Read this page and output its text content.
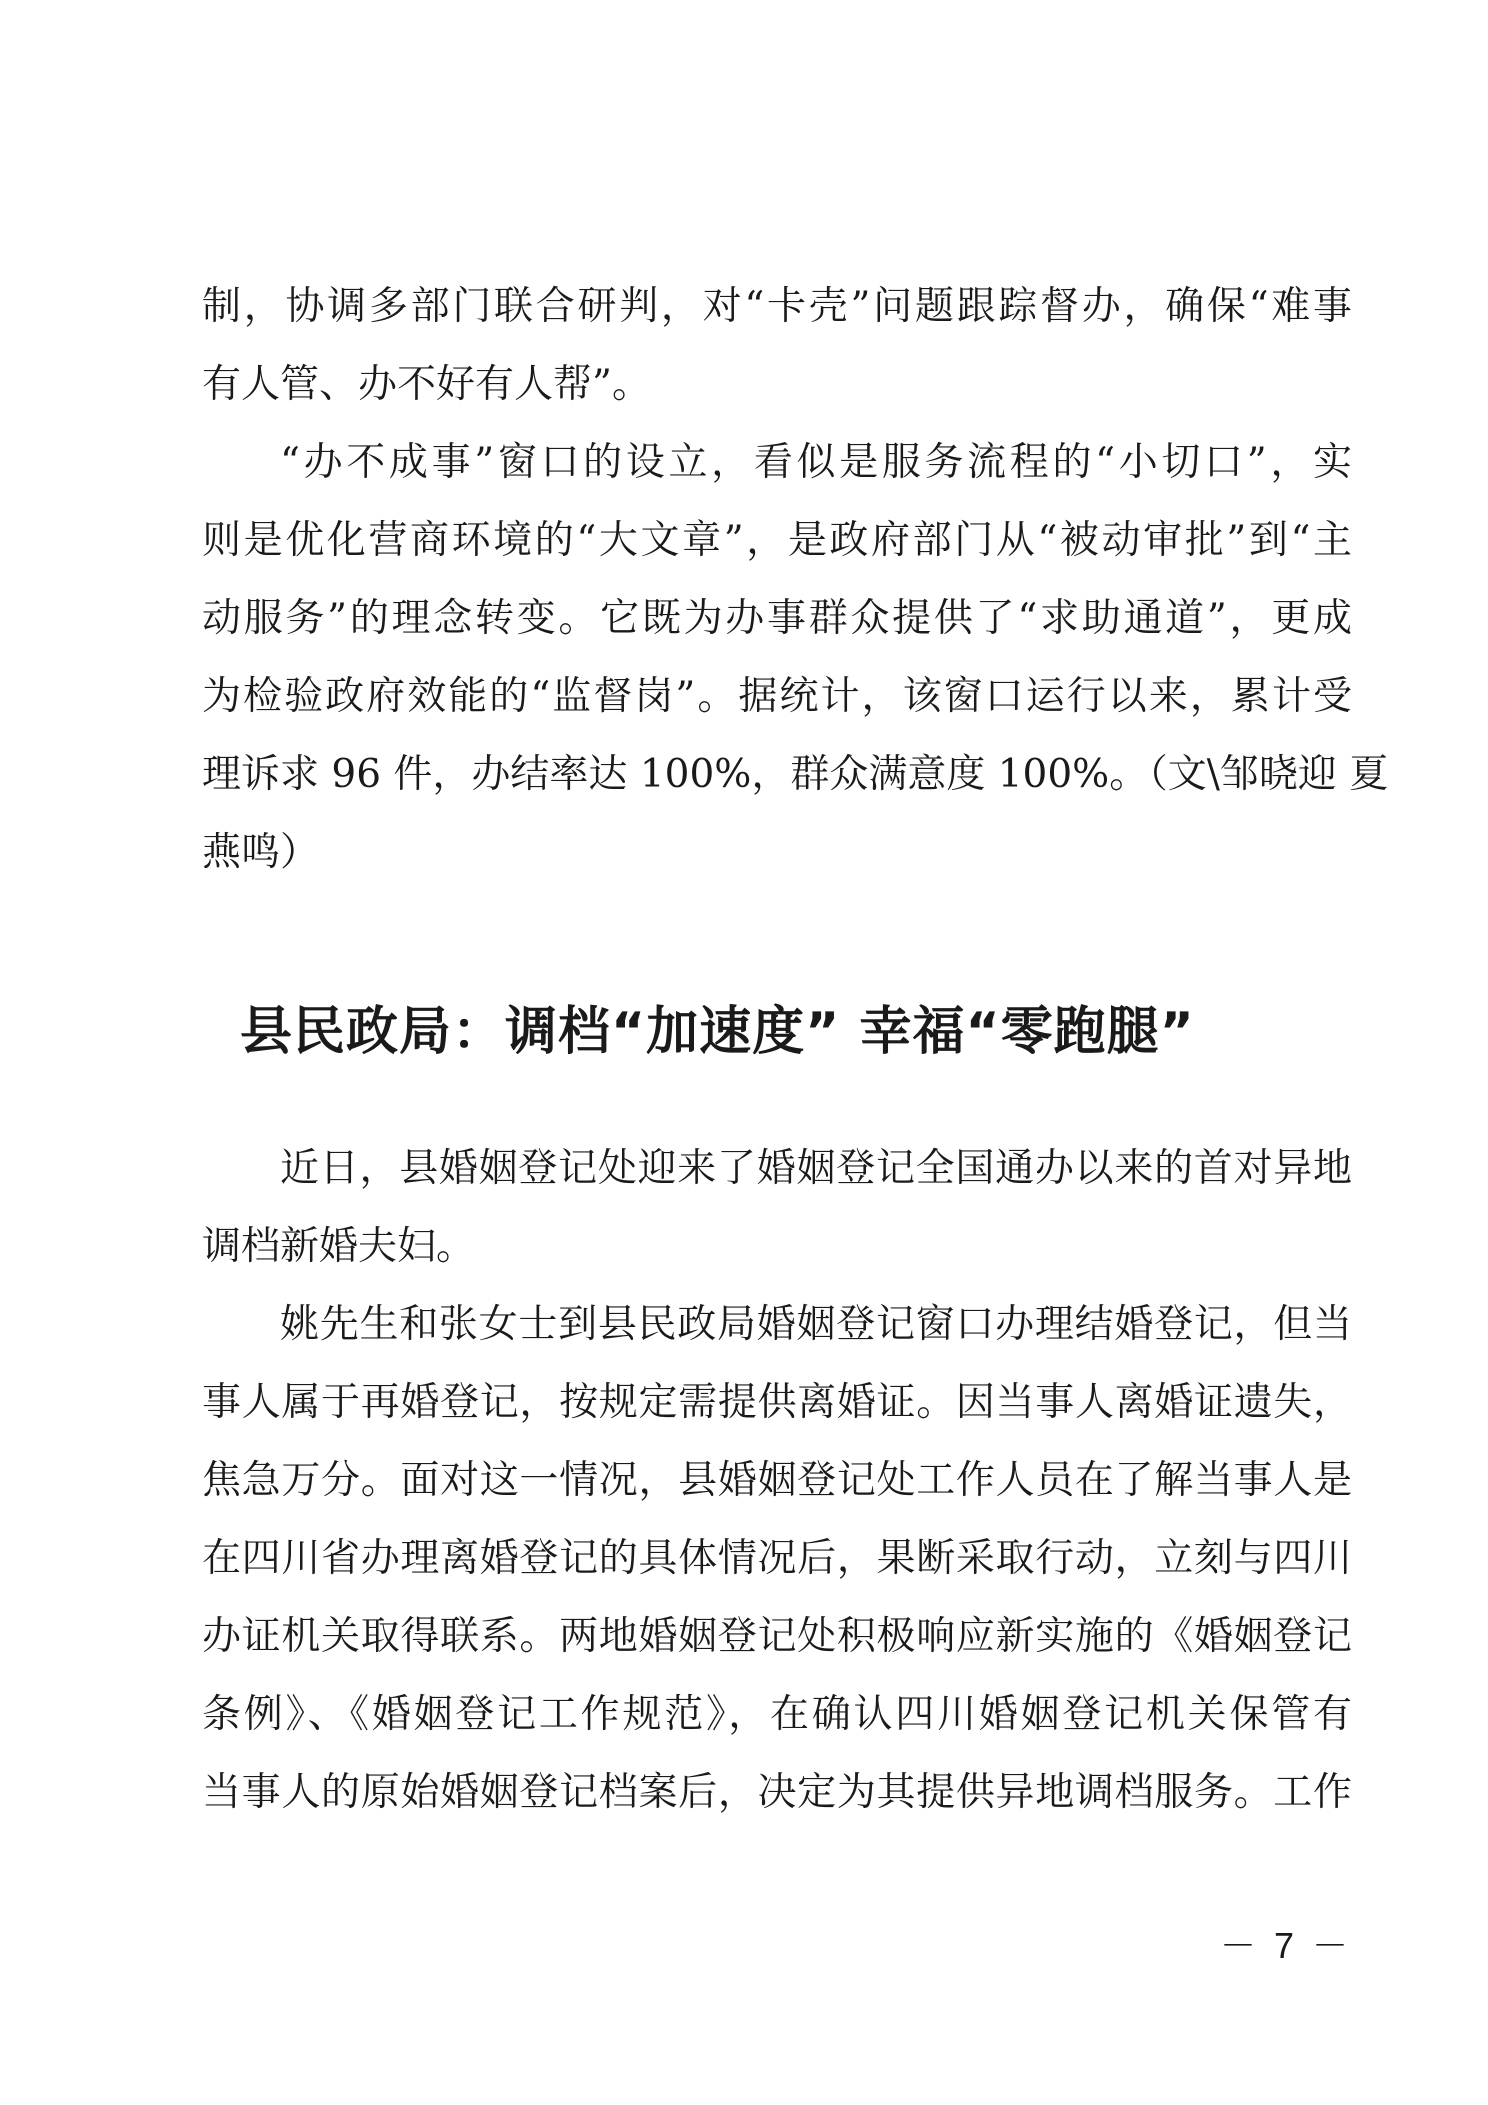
制，协调多部门联合研判，对“卡壳”问题跟踪督办，确保“难事
有人管、办不好有人帮”。
“办不成事”窗口的设立，看似是服务流程的“小切口”，实
则是优化营商环境的“大文章”，是政府部门从“被动审批”到“主
动服务”的理念转变。它既为办事群众提供了“求助通道”，更成
为检验政府效能的“监督岗”。据统计，该窗口运行以来，累计受
理诉求 96 件，办结率达 100%，群众满意度 100%。（文\邹晓迎 夏
燕鸣）
县民政局：调档“加速度” 幸福“零跑腿”
近日，县婚姻登记处迎来了婚姻登记全国通办以来的首对异地
调档新婚夫妇。
姚先生和张女士到县民政局婚姻登记窗口办理结婚登记，但当
事人属于再婚登记，按规定需提供离婚证。因当事人离婚证遗失，
焦急万分。面对这一情况，县婚姻登记处工作人员在了解当事人是
在四川省办理离婚登记的具体情况后，果断采取行动，立刻与四川
办证机关取得联系。两地婚姻登记处积极响应新实施的《婚姻登记
条例》、《婚姻登记工作规范》，在确认四川婚姻登记机关保管有
当事人的原始婚姻登记档案后，决定为其提供异地调档服务。工作
－ 7 －
